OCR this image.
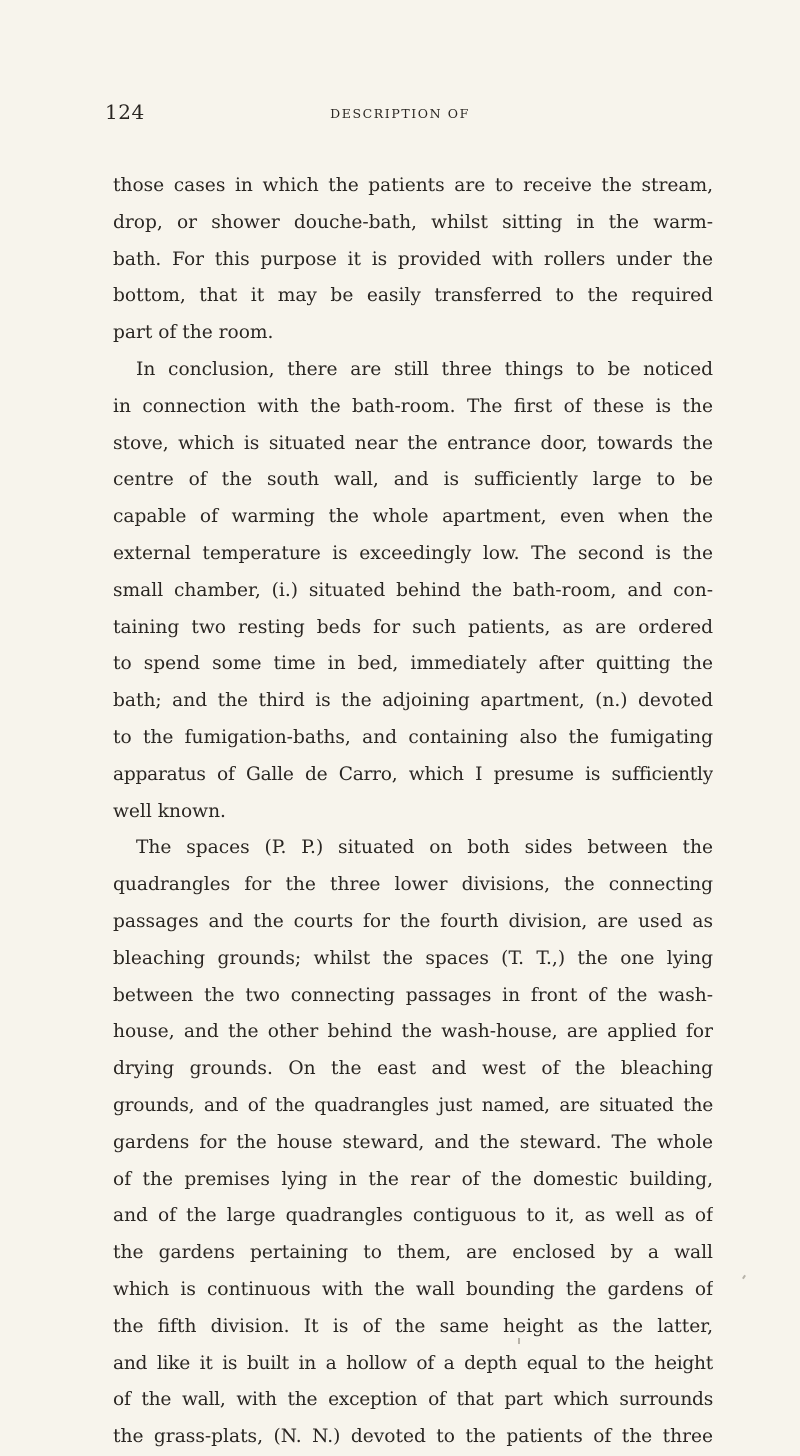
124	DESCRIPTION OF
those cases in which the patients are to receive the stream,
drop, or shower douche-bath, whilst sitting in the warm-
bath. For this purpose it is provided with rollers under the
bottom, that it may be easily transferred to the required
part of the room.
In conclusion, there are still three things to be noticed
in connection with the bath-room. The first of these is the
stove, which is situated near the entrance door, towards the
centre of the south wall, and is sufficiently large to be
capable of warming the whole apartment, even when the
external temperature is exceedingly low. The second is the
small chamber, (i.) situated behind the bath-room, and con-
taining two resting beds for such patients, as are ordered
to spend some time in bed, immediately after quitting the
bath; and the third is the adjoining apartment, (n.) devoted
to the fumigation-baths, and containing also the fumigating
apparatus of Galle de Carro, which I presume is sufficiently
well known.
The spaces (P. P.) situated on both sides between the
quadrangles for the three lower divisions, the connecting
passages and the courts for the fourth division, are used as
bleaching grounds; whilst the spaces (T. T.,) the one lying
between the two connecting passages in front of the wash-
house, and the other behind the wash-house, are applied for
drying grounds. On the east and west of the bleaching
grounds, and of the quadrangles just named, are situated the
gardens for the house steward, and the steward. The whole
of the premises lying in the rear of the domestic building,
and of the large quadrangles contiguous to it, as well as of
the gardens pertaining to them, are enclosed by a wall
which is continuous with the wall bounding the gardens of
the fifth division. It is of the same height as the latter,
and like it is built in a hollow of a depth equal to the height
of the wall, with the exception of that part which surrounds
the grass-plats, (N. N.) devoted to the patients of the three
